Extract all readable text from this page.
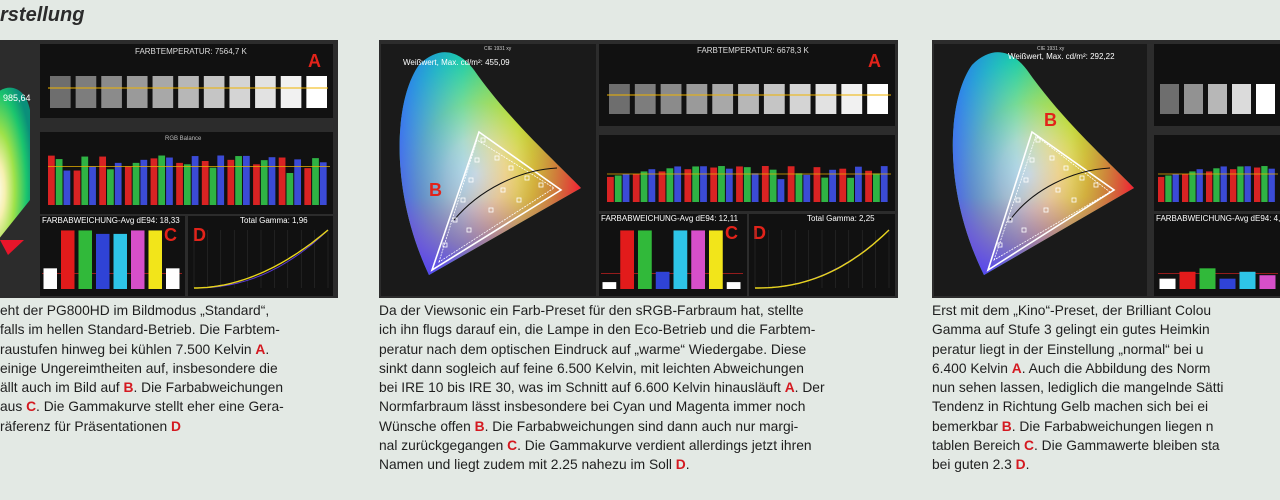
rstellung
985,64
FARBTEMPERATUR: 7564,7 K	A
RGB Balance
FARBABWEICHUNG-Avg dE94: 18,33
C
Total Gamma: 1,96
D
CIE 1931 xy
B
Weißwert, Max. cd/m²: 455,09
FARBTEMPERATUR: 6678,3 K
A
FARBABWEICHUNG-Avg dE94: 12,11
C
Total Gamma: 2,25
D
CIE 1931 xy
B
Weißwert, Max. cd/m²: 292,22
FARBABWEICHUNG-Avg dE94: 4,
eht der PG800HD im Bildmodus „Standard“,
falls im hellen Standard-Betrieb. Die Farbtem-
raustufen hinweg bei kühlen 7.500 Kelvin A.
einige Ungereimtheiten auf, insbesondere die
ällt auch im Bild auf B. Die Farbabweichungen
aus C. Die Gammakurve stellt eher eine Gera-
räferenz für Präsentationen D
Da der Viewsonic ein Farb-Preset für den sRGB-Farbraum hat, stellte
ich ihn flugs darauf ein, die Lampe in den Eco-Betrieb und die Farbtem-
peratur nach dem optischen Eindruck auf „warme“ Wiedergabe. Diese
sinkt dann sogleich auf feine 6.500 Kelvin, mit leichten Abweichungen
bei IRE 10 bis IRE 30, was im Schnitt auf 6.600 Kelvin hinausläuft A. Der
Normfarbraum lässt insbesondere bei Cyan und Magenta immer noch
Wünsche offen B. Die Farbabweichungen sind dann auch nur margi-
nal zurückgegangen C. Die Gammakurve verdient allerdings jetzt ihren
Namen und liegt zudem mit 2.25 nahezu im Soll D.
Erst mit dem „Kino“-Preset, der Brilliant Colou
Gamma auf Stufe 3 gelingt ein gutes Heimkin
peratur liegt in der Einstellung „normal“ bei u
6.400 Kelvin A. Auch die Abbildung des Norm
nun sehen lassen, lediglich die mangelnde Sätti
Tendenz in Richtung Gelb machen sich bei ei
bemerkbar B. Die Farbabweichungen liegen n
tablen Bereich C. Die Gammawerte bleiben sta
bei guten 2.3 D.
